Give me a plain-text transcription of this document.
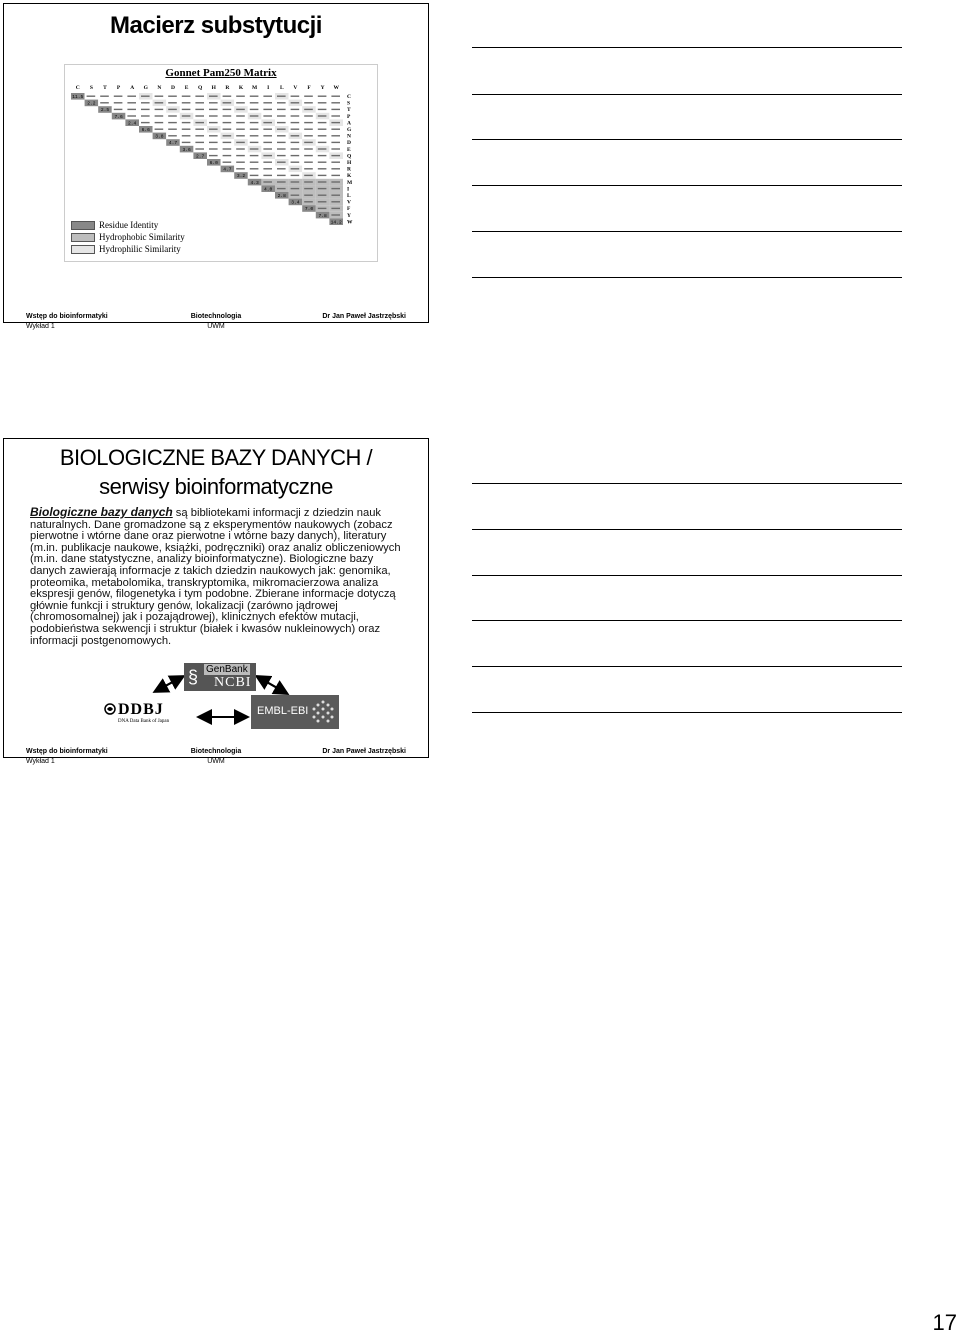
Macierz substytucji
Gonnet Pam250 Matrix
C S T P A G N D E Q H R K M I L V F Y W
11.5	C
2.2	S
2.5	T
7.6	P
2.4	A
6.6	G
3.8	N
4.7	D
3.6	E
2.7	Q
6.0	H
4.7	R
3.2	K
4.3	M
4.0	I
2.8	L
3.4	V
7.0	F
7.8	Y
14.2 W
Residue Identity
Hydrophobic Similarity
Hydrophilic Similarity
Wstęp do bioinformatyki
Wykład 1
Biotechnologia
UWM
Dr Jan Paweł Jastrzębski
BIOLOGICZNE BAZY DANYCH /
serwisy bioinformatyczne
Biologiczne bazy danych są bibliotekami informacji z dziedzin nauk naturalnych. Dane gromadzone są z eksperymentów naukowych (zobacz pierwotne i wtórne dane oraz pierwotne i wtórne bazy danych), literatury (m.in. publikacje naukowe, książki, podręczniki) oraz analiz obliczeniowych (m.in. dane statystyczne, analizy bioinformatyczne). Biologiczne bazy danych zawierają informacje z takich dziedzin naukowych jak: genomika, proteomika, metabolomika, transkryptomika, mikromacierzowa analiza ekspresji genów, filogenetyka i tym podobne. Zbierane informacje dotyczą głównie funkcji i struktury genów, lokalizacji (zarówno jądrowej (chromosomalnej) jak i pozajądrowej), klinicznych efektów mutacji, podobieństwa sekwencji i struktur (białek i kwasów nukleinowych) oraz informacji postgenomowych.
§ GenBank
NCBI
DDBJ
DNA Data Bank of Japan
EMBL-EBI
Wstęp do bioinformatyki
Wykład 1
Biotechnologia
UWM
Dr Jan Paweł Jastrzębski
17
